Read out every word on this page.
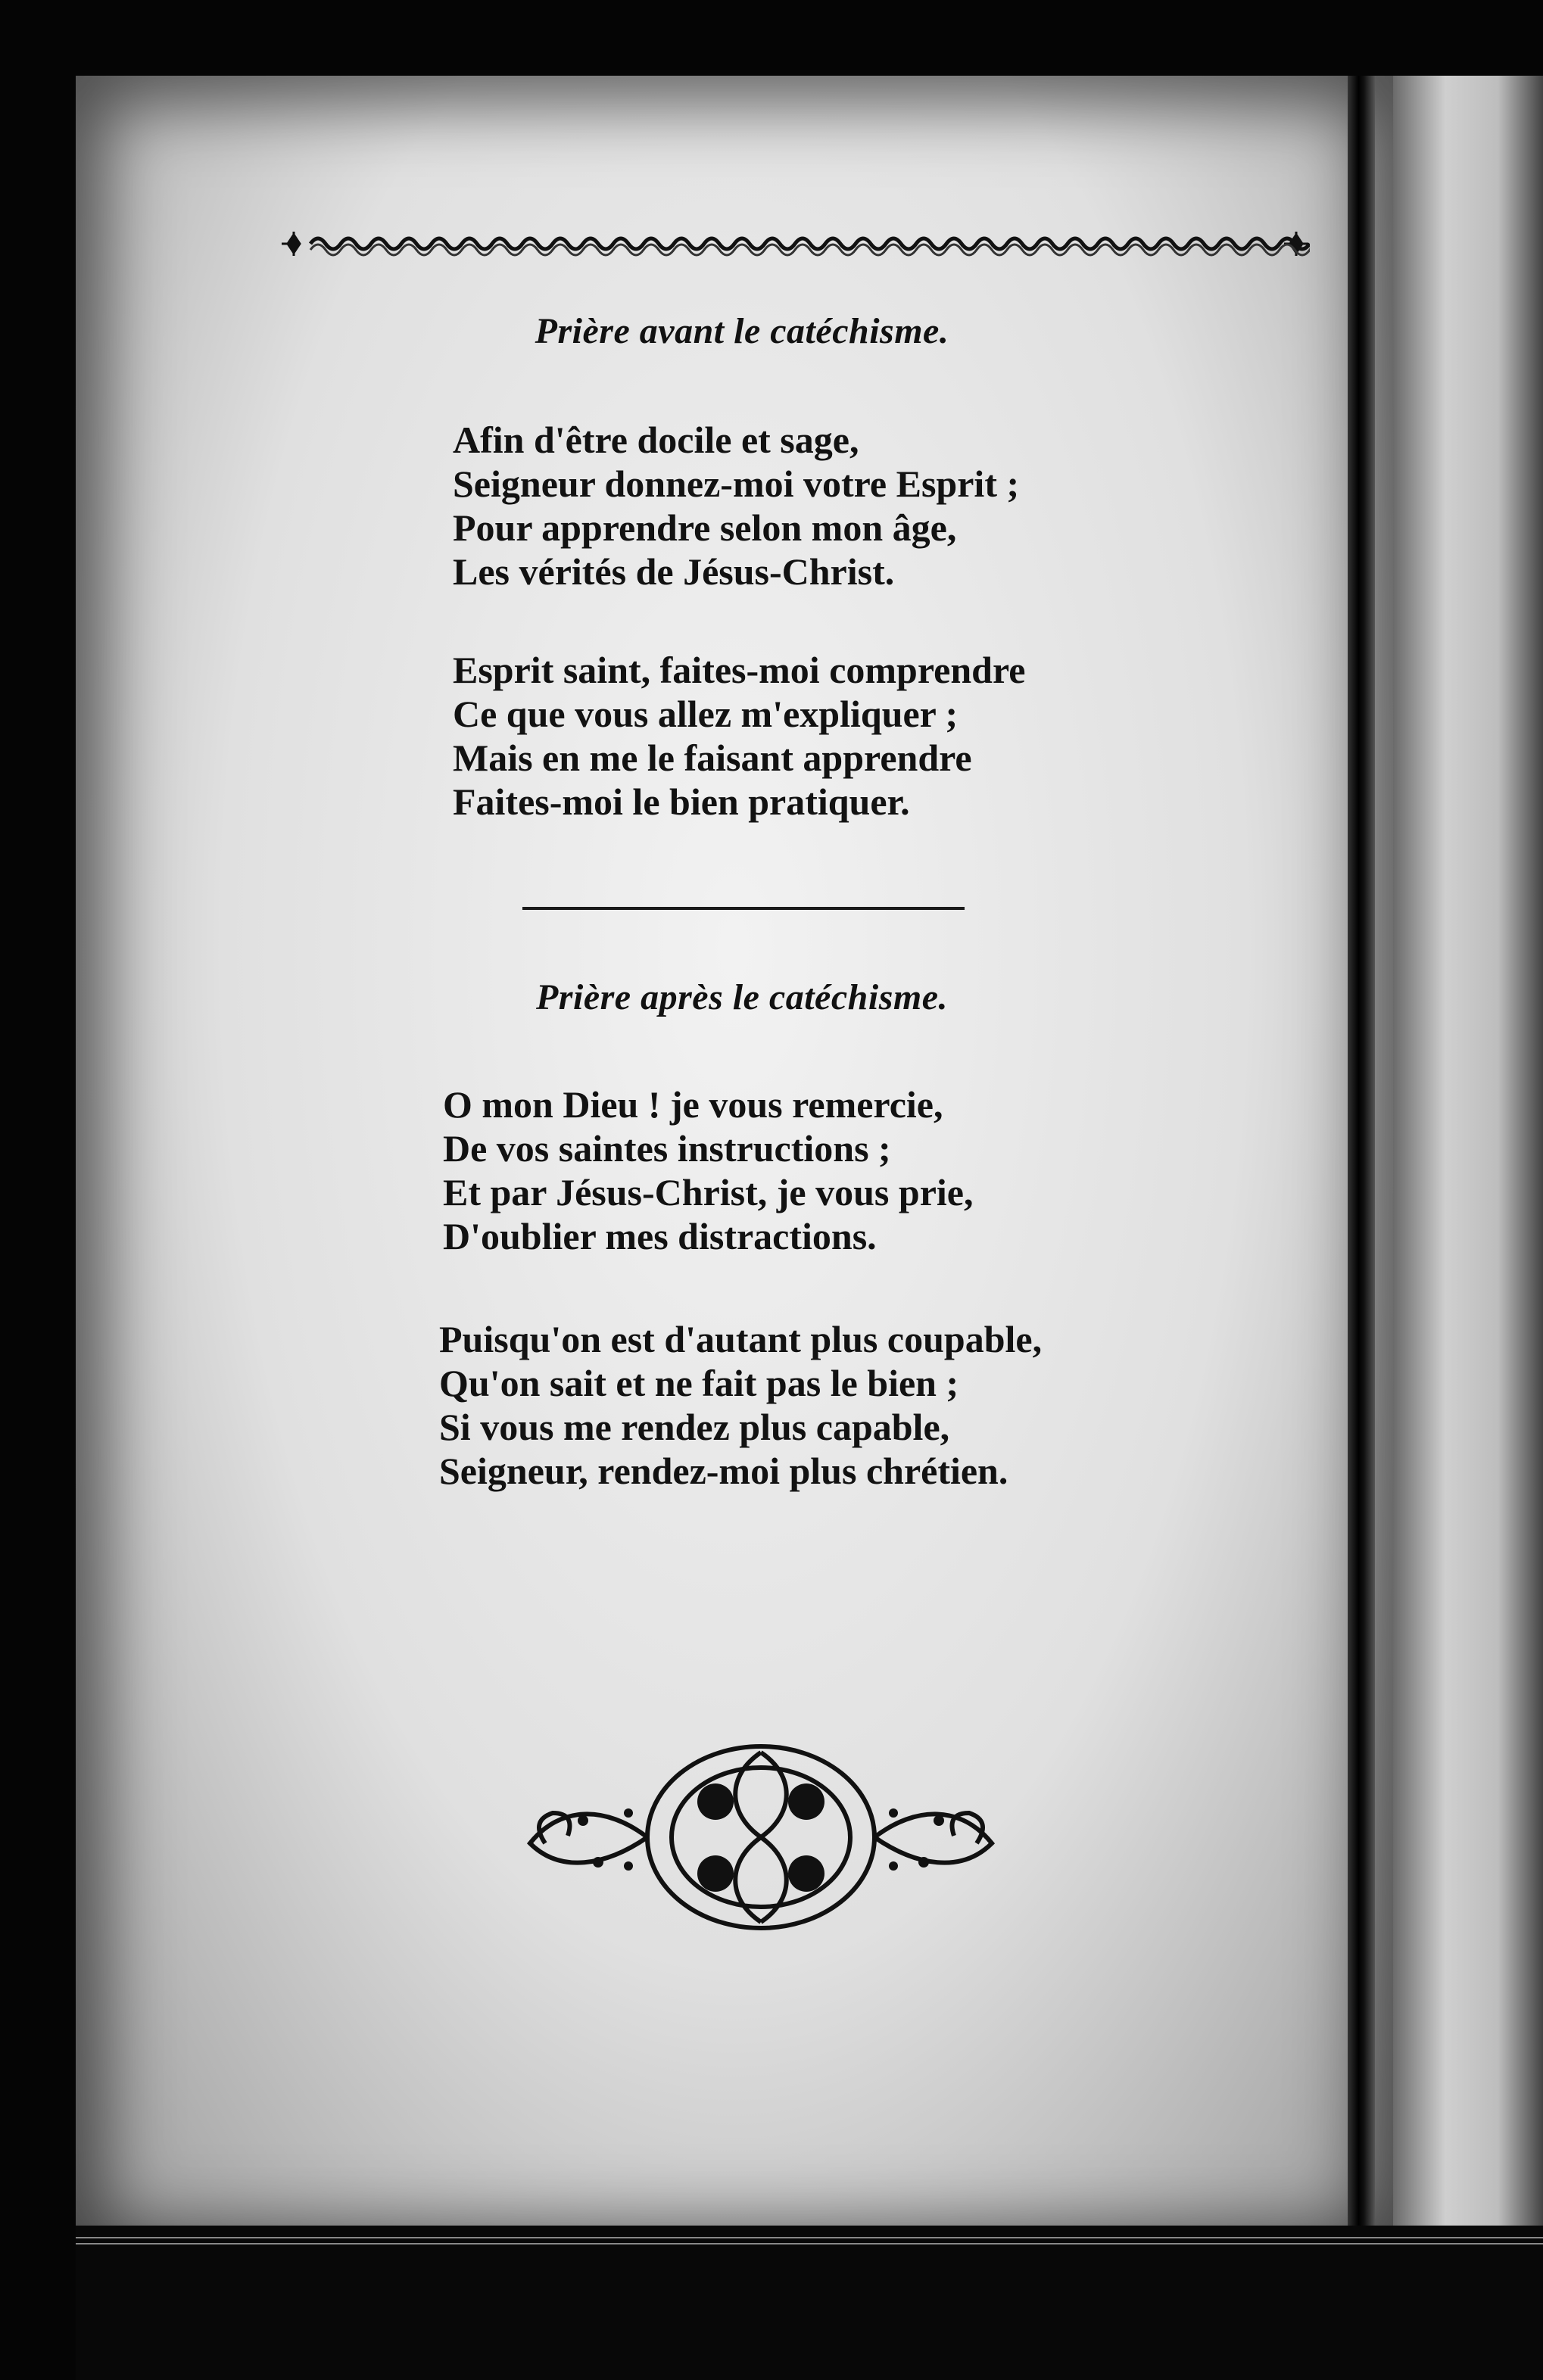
Prière avant le catéchisme.
Afin d'être docile et sage,
Seigneur donnez-moi votre Esprit ;
Pour apprendre selon mon âge,
Les vérités de Jésus-Christ.
Esprit saint, faites-moi comprendre
Ce que vous allez m'expliquer ;
Mais en me le faisant apprendre
Faites-moi le bien pratiquer.
Prière après le catéchisme.
O mon Dieu ! je vous remercie,
De vos saintes instructions ;
Et par Jésus-Christ, je vous prie,
D'oublier mes distractions.
Puisqu'on est d'autant plus coupable,
Qu'on sait et ne fait pas le bien ;
Si vous me rendez plus capable,
Seigneur, rendez-moi plus chrétien.
